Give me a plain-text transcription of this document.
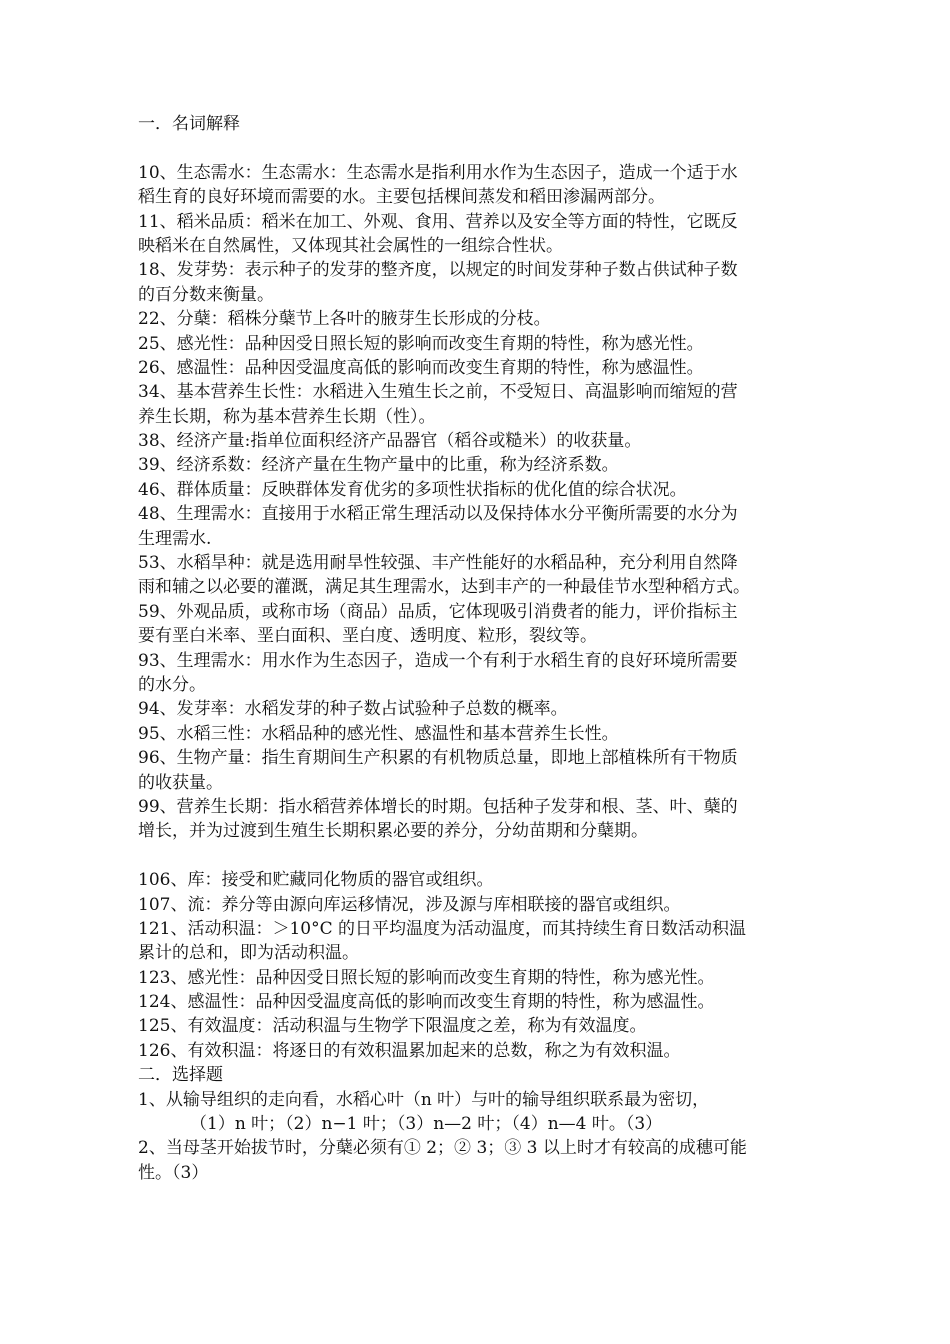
一．名词解释
10、生态需水：生态需水：生态需水是指利用水作为生态因子，造成一个适于水
稻生育的良好环境而需要的水。主要包括棵间蒸发和稻田渗漏两部分。
11、稻米品质：稻米在加工、外观、食用、营养以及安全等方面的特性，它既反
映稻米在自然属性，又体现其社会属性的一组综合性状。
18、发芽势：表示种子的发芽的整齐度，以规定的时间发芽种子数占供试种子数
的百分数来衡量。
22、分蘖：稻株分蘖节上各叶的腋芽生长形成的分枝。
25、感光性：品种因受日照长短的影响而改变生育期的特性，称为感光性。
26、感温性：品种因受温度高低的影响而改变生育期的特性，称为感温性。
34、基本营养生长性：水稻进入生殖生长之前，不受短日、高温影响而缩短的营
养生长期，称为基本营养生长期（性）。
38、经济产量:指单位面积经济产品器官（稻谷或糙米）的收获量。
39、经济系数：经济产量在生物产量中的比重，称为经济系数。
46、群体质量：反映群体发育优劣的多项性状指标的优化值的综合状况。
48、生理需水：直接用于水稻正常生理活动以及保持体水分平衡所需要的水分为
生理需水.
53、水稻旱种：就是选用耐旱性较强、丰产性能好的水稻品种，充分利用自然降
雨和辅之以必要的灌溉，满足其生理需水，达到丰产的一种最佳节水型种稻方式。
59、外观品质，或称市场（商品）品质，它体现吸引消费者的能力，评价指标主
要有垩白米率、垩白面积、垩白度、透明度、粒形，裂纹等。
93、生理需水：用水作为生态因子，造成一个有利于水稻生育的良好环境所需要
的水分。
94、发芽率：水稻发芽的种子数占试验种子总数的概率。
95、水稻三性：水稻品种的感光性、感温性和基本营养生长性。
96、生物产量：指生育期间生产积累的有机物质总量，即地上部植株所有干物质
的收获量。
99、营养生长期：指水稻营养体增长的时期。包括种子发芽和根、茎、叶、蘖的
增长，并为过渡到生殖生长期积累必要的养分，分幼苗期和分蘖期。
106、库：接受和贮藏同化物质的器官或组织。
107、流：养分等由源向库运移情况，涉及源与库相联接的器官或组织。
121、活动积温：＞10°C 的日平均温度为活动温度，而其持续生育日数活动积温
累计的总和，即为活动积温。
123、感光性：品种因受日照长短的影响而改变生育期的特性，称为感光性。
124、感温性：品种因受温度高低的影响而改变生育期的特性，称为感温性。
125、有效温度：活动积温与生物学下限温度之差，称为有效温度。
126、有效积温：将逐日的有效积温累加起来的总数，称之为有效积温。
二．选择题
1、从输导组织的走向看，水稻心叶（n 叶）与叶的输导组织联系最为密切，
（1）n 叶；（2）n−1 叶；（3）n—2 叶；（4）n—4 叶。（3）
2、当母茎开始拔节时，分蘖必须有① 2；② 3；③ 3 以上时才有较高的成穗可能
性。（3）
